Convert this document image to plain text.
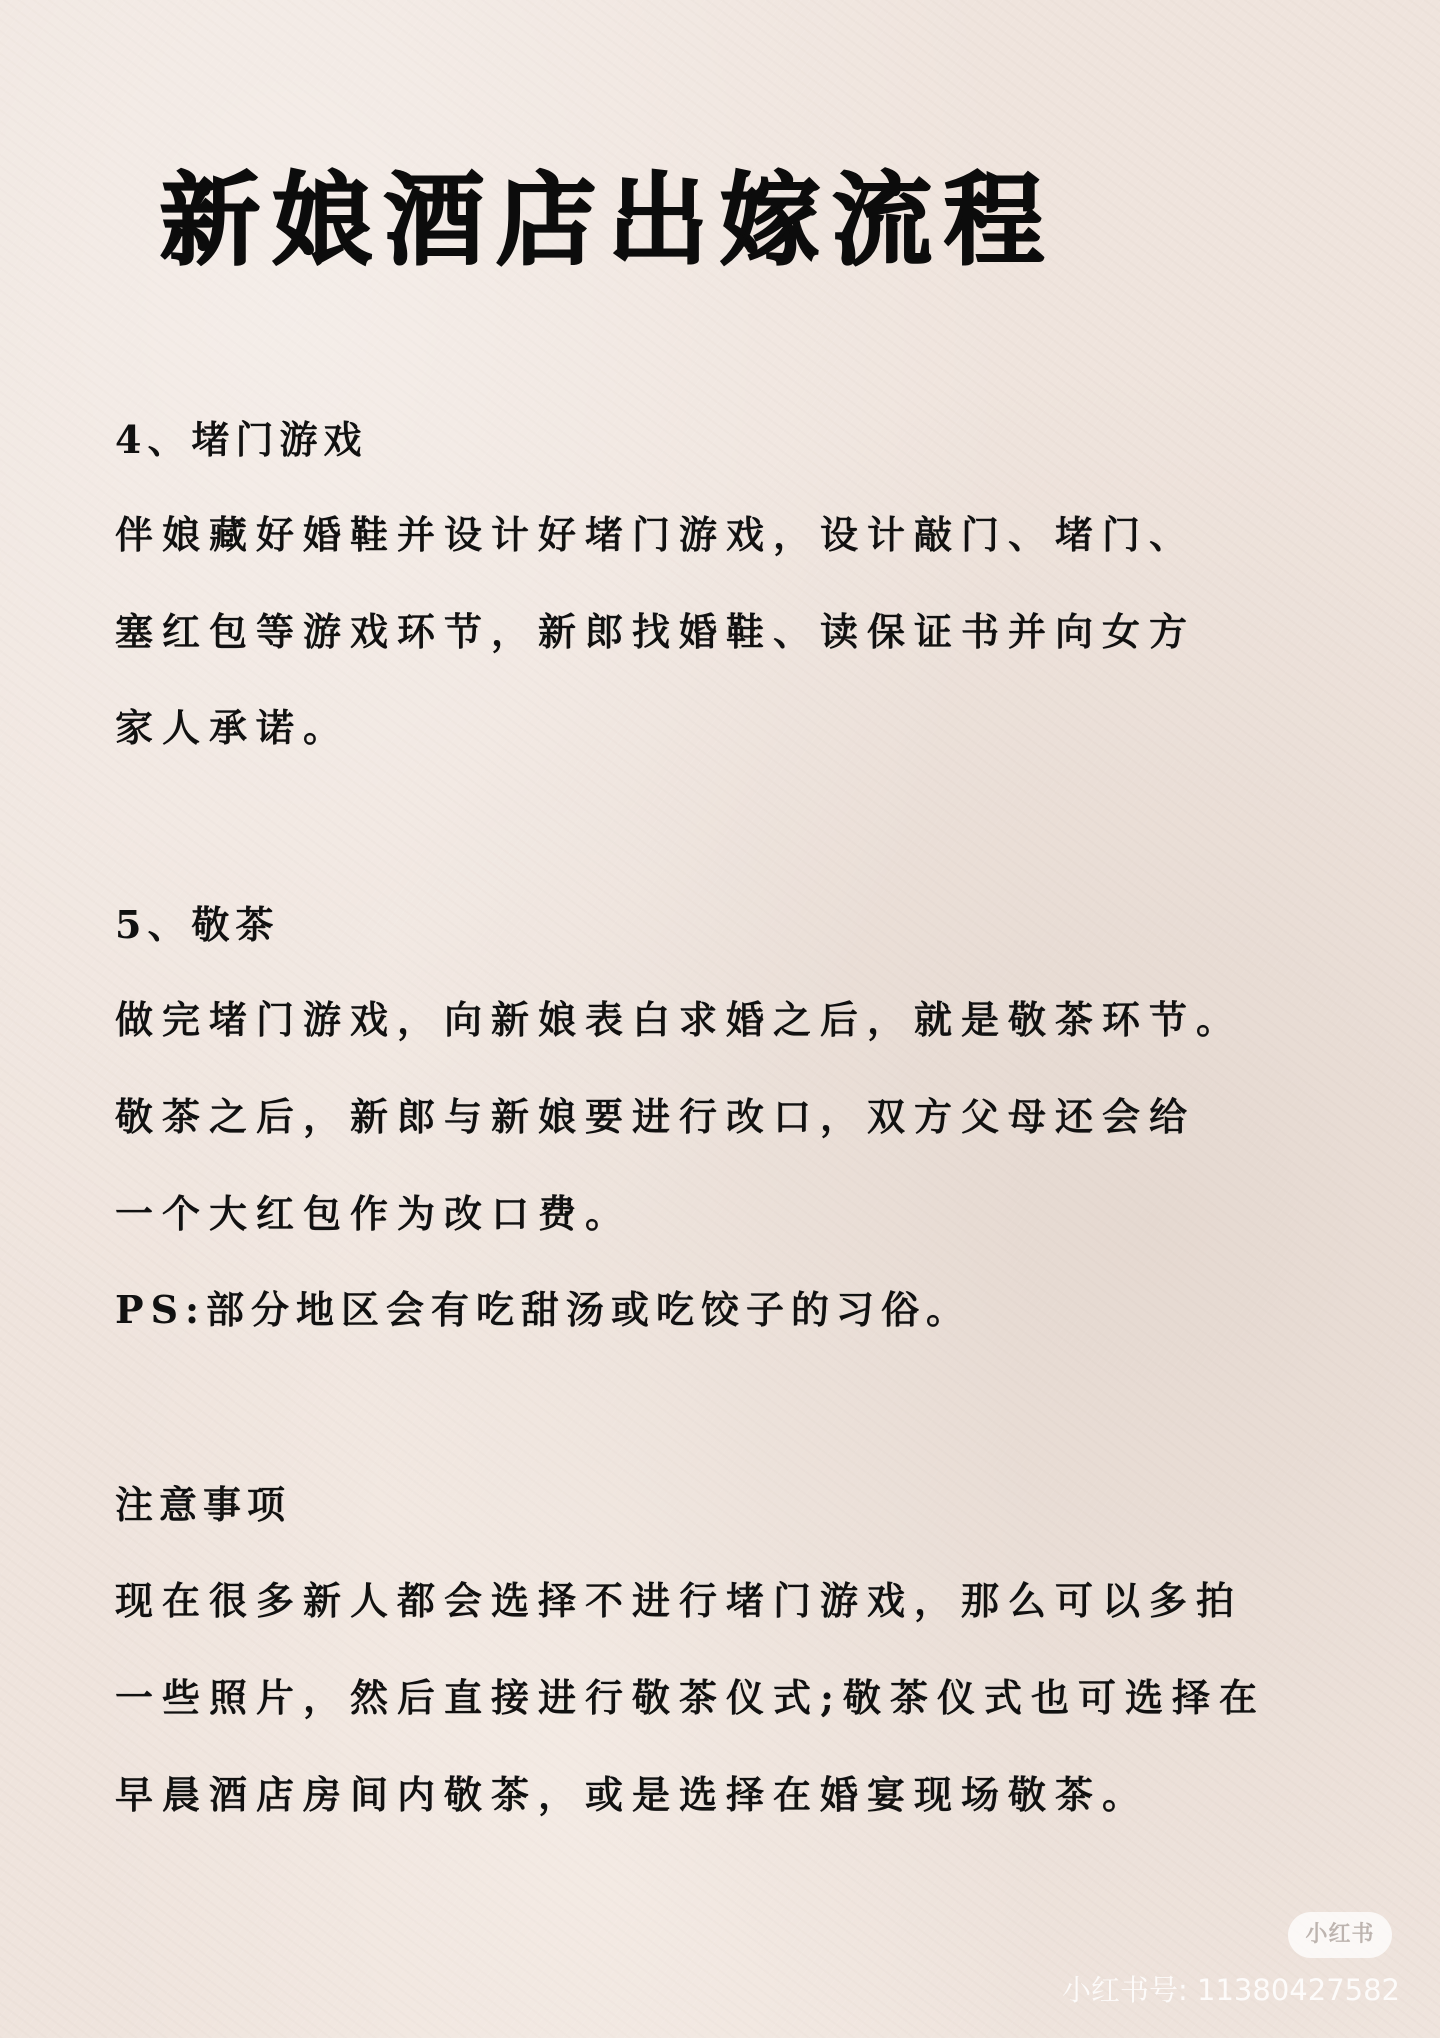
新娘酒店出嫁流程
4、堵门游戏

伴娘藏好婚鞋并设计好堵门游戏，设计敲门、堵门、

塞红包等游戏环节，新郎找婚鞋、读保证书并向女方

家人承诺。

5、敬茶

做完堵门游戏，向新娘表白求婚之后，就是敬茶环节。

敬茶之后，新郎与新娘要进行改口，双方父母还会给

一个大红包作为改口费。

PS:部分地区会有吃甜汤或吃饺子的习俗。

注意事项

现在很多新人都会选择不进行堵门游戏，那么可以多拍

一些照片，然后直接进行敬茶仪式;敬茶仪式也可选择在

早晨酒店房间内敬茶，或是选择在婚宴现场敬茶。

小红书
小红书号: 11380427582
